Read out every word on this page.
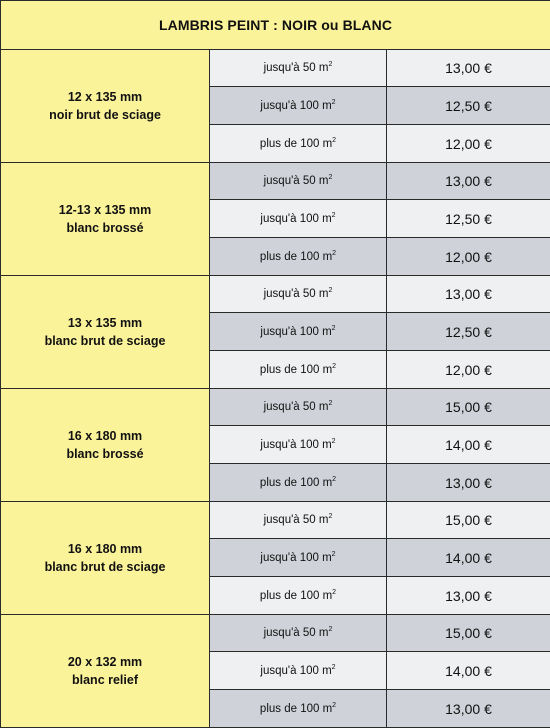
LAMBRIS PEINT : NOIR ou BLANC		

12 x 135 mm
noir brut de sciage	jusqu'à 50 $m^2$	13,00 €
	jusqu'à 100 $m^2$	12,50 €
	plus de 100 $m^2$	12,00 €

12-13 x 135 mm
blanc brossé	jusqu'à 50 $m^2$	13,00 €
	jusqu'à 100 $m^2$	12,50 €
	plus de 100 $m^2$	12,00 €

13 x 135 mm
blanc brut de sciage	jusqu'à 50 $m^2$	13,00 €
	jusqu'à 100 $m^2$	12,50 €
	plus de 100 $m^2$	12,00 €

16 x 180 mm
blanc brossé	jusqu'à 50 $m^2$	15,00 €
	jusqu'à 100 $m^2$	14,00 €
	plus de 100 $m^2$	13,00 €

16 x 180 mm
blanc brut de sciage	jusqu'à 50 $m^2$	15,00 €
	jusqu'à 100 $m^2$	14,00 €
	plus de 100 $m^2$	13,00 €

20 x 132 mm
blanc relief	jusqu'à 50 $m^2$	15,00 €
	jusqu'à 100 $m^2$	14,00 €
	plus de 100 $m^2$	13,00 €
